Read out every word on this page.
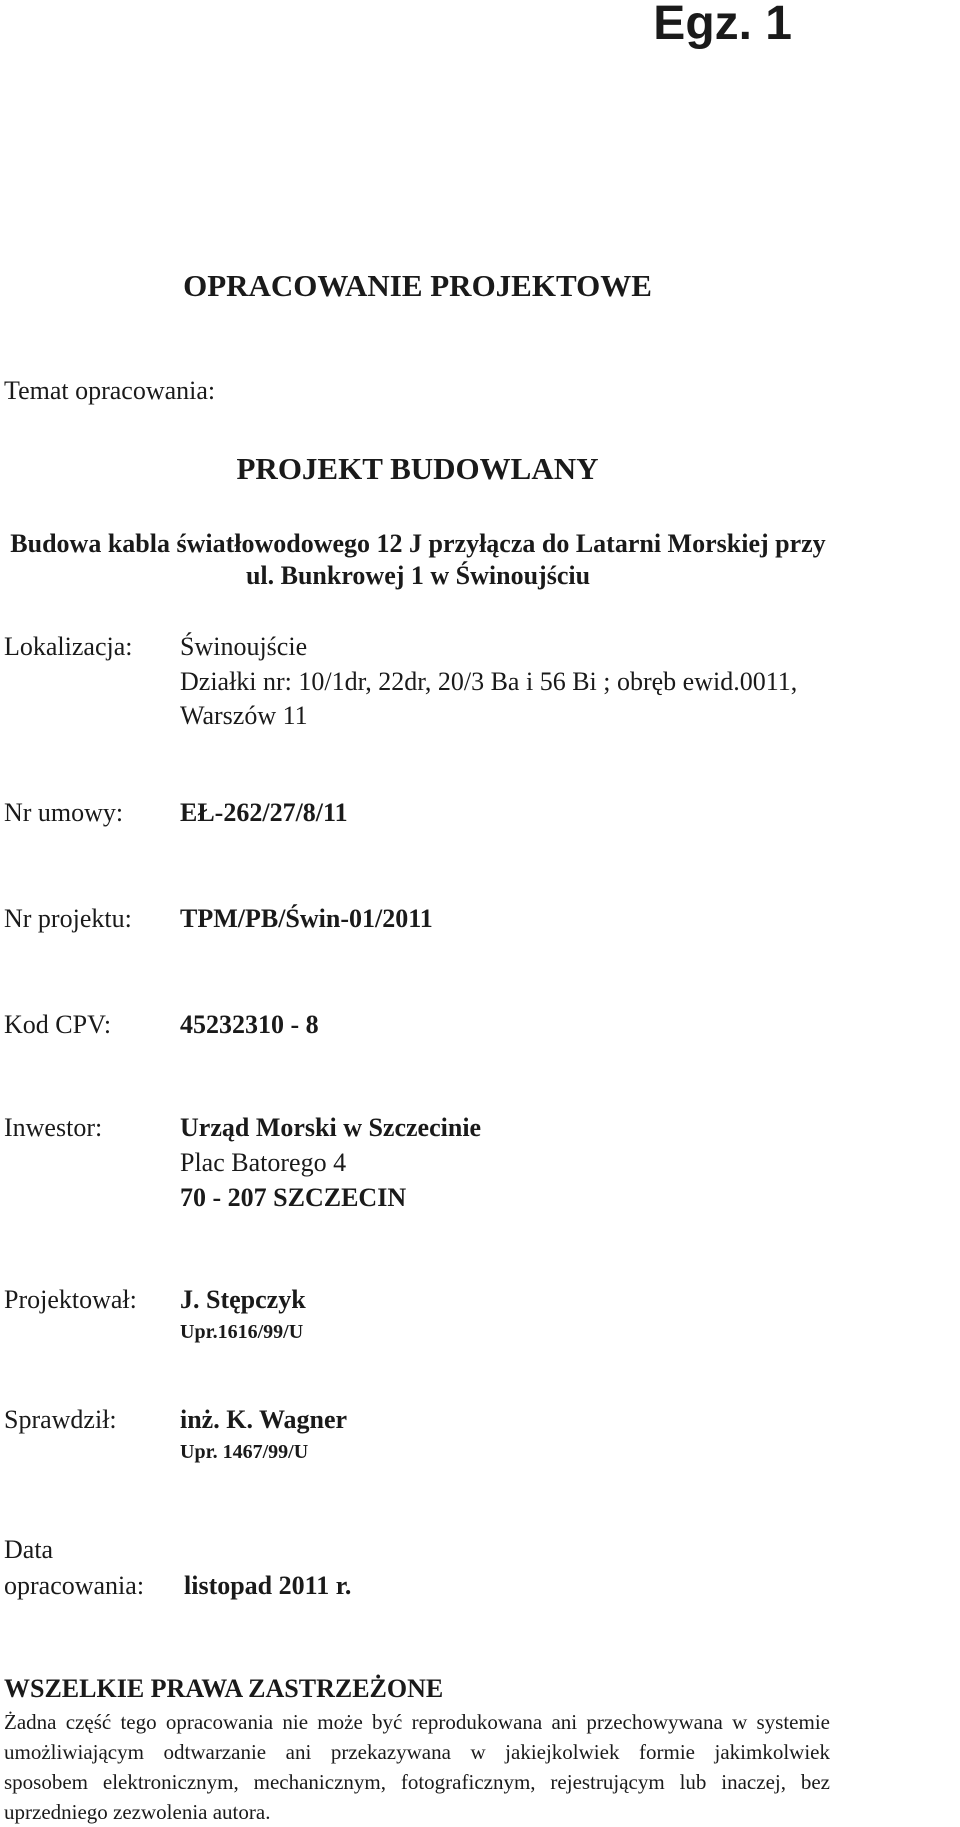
Egz. 1
OPRACOWANIE PROJEKTOWE
Temat opracowania:
PROJEKT BUDOWLANY
Budowa kabla światłowodowego 12 J przyłącza do Latarni Morskiej przy
ul. Bunkrowej 1 w Świnoujściu
Lokalizacja: Świnoujście
Działki nr: 10/1dr, 22dr, 20/3 Ba i 56 Bi ; obręb ewid.0011,
Warszów 11
Nr umowy: EŁ-262/27/8/11
Nr projektu: TPM/PB/Świn-01/2011
Kod CPV:	45232310 - 8
Inwestor:	Urząd Morski w Szczecinie
Plac Batorego 4
70 - 207 SZCZECIN
Projektował: J. Stępczyk
Upr.1616/99/U
Sprawdził: inż. K. Wagner
Upr. 1467/99/U
Data
opracowania: listopad 2011 r.
WSZELKIE PRAWA ZASTRZEŻONE
Żadna część tego opracowania nie może być reprodukowana ani przechowywana w systemie
umożliwiającym odtwarzanie ani przekazywana w jakiejkolwiek formie jakimkolwiek
sposobem elektronicznym, mechanicznym, fotograficznym, rejestrującym lub inaczej, bez
uprzedniego zezwolenia autora.
